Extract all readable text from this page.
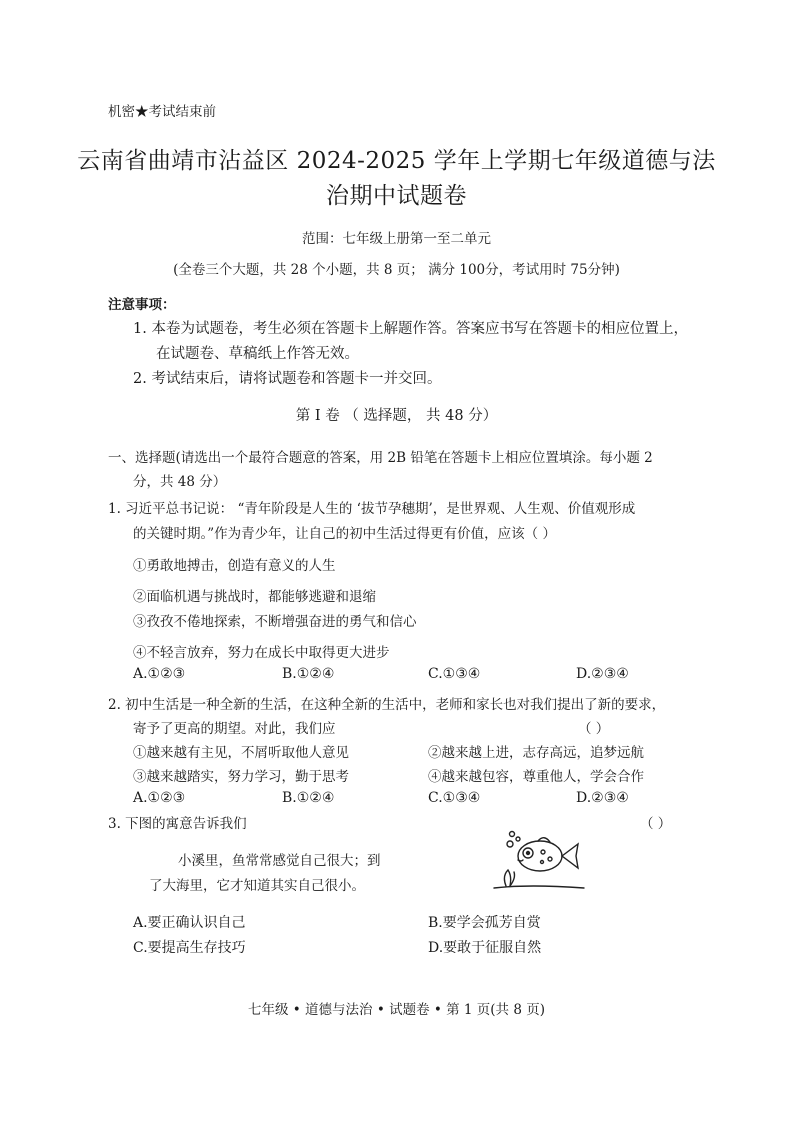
机密★考试结束前
云南省曲靖市沾益区 2024-2025 学年上学期七年级道德与法
治期中试题卷
范围：七年级上册第一至二单元
(全卷三个大题，共 28 个小题，共 8 页； 满分 100分，考试用时 75分钟)
注意事项：
1. 本卷为试题卷，考生必须在答题卡上解题作答。答案应书写在答题卡的相应位置上，
在试题卷、草稿纸上作答无效。
2. 考试结束后，请将试题卷和答题卡一并交回。
第 I 卷 （ 选择题， 共 48 分）
一、选择题(请选出一个最符合题意的答案，用 2B 铅笔在答题卡上相应位置填涂。每小题 2
分，共 48 分）
1. 习近平总书记说： “青年阶段是人生的 ‘拔节孕穗期’，是世界观、人生观、价值观形成
的关键时期。”作为青少年，让自己的初中生活过得更有价值，应该（ ）
①勇敢地搏击，创造有意义的人生
②面临机遇与挑战时，都能够逃避和退缩
③孜孜不倦地探索，不断增强奋进的勇气和信心
④不轻言放弃，努力在成长中取得更大进步
A.①②③	B.①②④	C.①③④	D.②③④
2. 初中生活是一种全新的生活，在这种全新的生活中，老师和家长也对我们提出了新的要求，
寄予了更高的期望。对此，我们应	（ ）
①越来越有主见，不屑听取他人意见	②越来越上进，志存高远，追梦远航
③越来越踏实，努力学习，勤于思考	④越来越包容，尊重他人，学会合作
A.①②③	B.①②④	C.①③④	D.②③④
3. 下图的寓意告诉我们	（ ）
小溪里，鱼常常感觉自己很大；到
了大海里，它才知道其实自己很小。
A.要正确认识自己	B.要学会孤芳自赏
C.要提高生存技巧	D.要敢于征服自然
七年级 • 道德与法治 • 试题卷 • 第 1 页(共 8 页)
